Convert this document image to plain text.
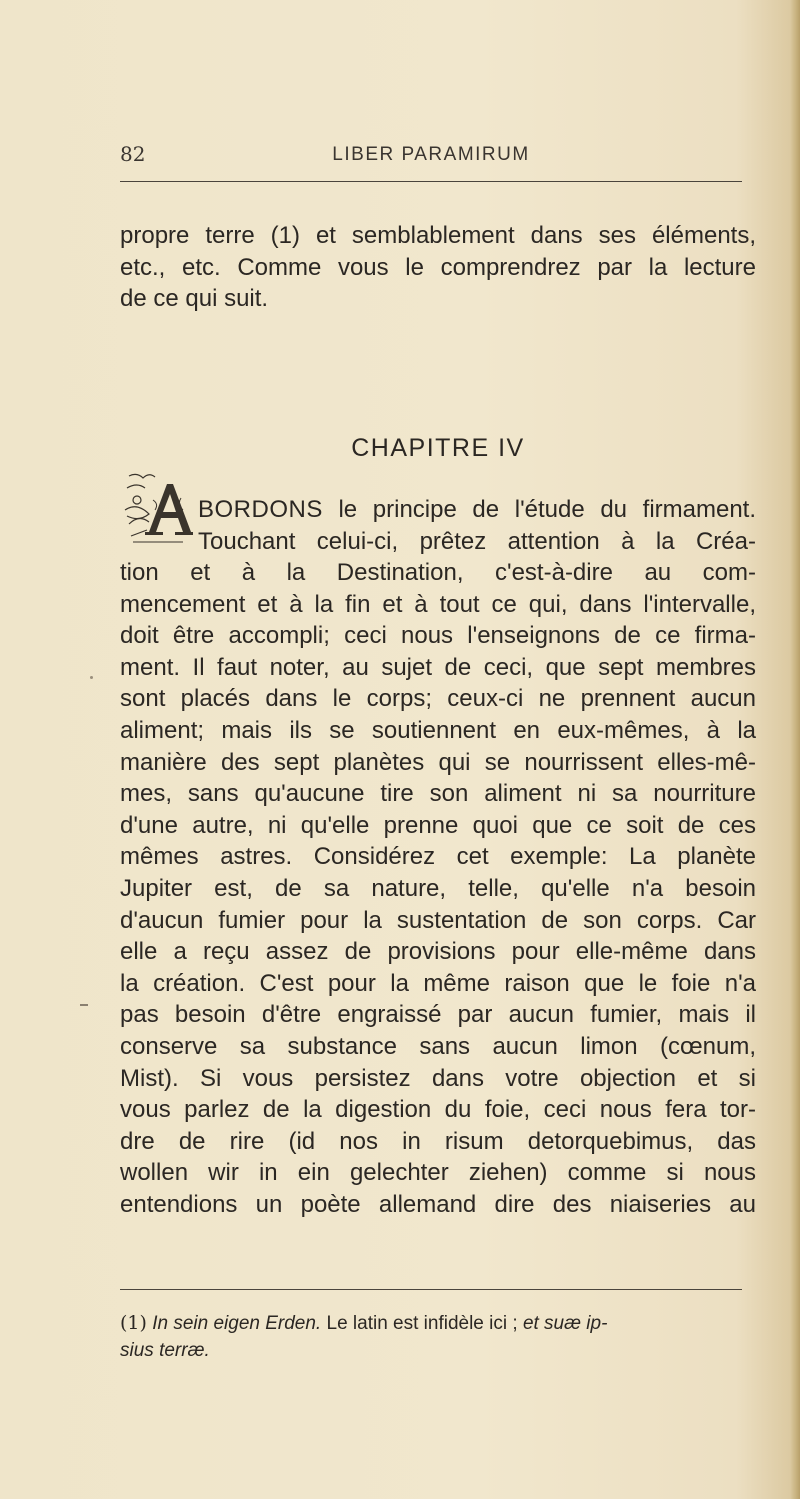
82	LIBER PARAMIRUM
propre terre (1) et semblablement dans ses éléments,
etc., etc. Comme vous le comprendrez par la lecture
de ce qui suit.
CHAPITRE IV
A
BORDONS le principe de l'étude du firmament.
Touchant celui-ci, prêtez attention à la Créa-
tion et à la Destination, c'est-à-dire au com-
mencement et à la fin et à tout ce qui, dans l'intervalle,
doit être accompli; ceci nous l'enseignons de ce firma-
ment. Il faut noter, au sujet de ceci, que sept membres
sont placés dans le corps; ceux-ci ne prennent aucun
aliment; mais ils se soutiennent en eux-mêmes, à la
manière des sept planètes qui se nourrissent elles-mê-
mes, sans qu'aucune tire son aliment ni sa nourriture
d'une autre, ni qu'elle prenne quoi que ce soit de ces
mêmes astres. Considérez cet exemple: La planète
Jupiter est, de sa nature, telle, qu'elle n'a besoin
d'aucun fumier pour la sustentation de son corps. Car
elle a reçu assez de provisions pour elle-même dans
la création. C'est pour la même raison que le foie n'a
pas besoin d'être engraissé par aucun fumier, mais il
conserve sa substance sans aucun limon (cœnum,
Mist). Si vous persistez dans votre objection et si
vous parlez de la digestion du foie, ceci nous fera tor-
dre de rire (id nos in risum detorquebimus, das
wollen wir in ein gelechter ziehen) comme si nous
entendions un poète allemand dire des niaiseries au
(1) In sein eigen Erden. Le latin est infidèle ici ; et suæ ip-
sius terræ.
